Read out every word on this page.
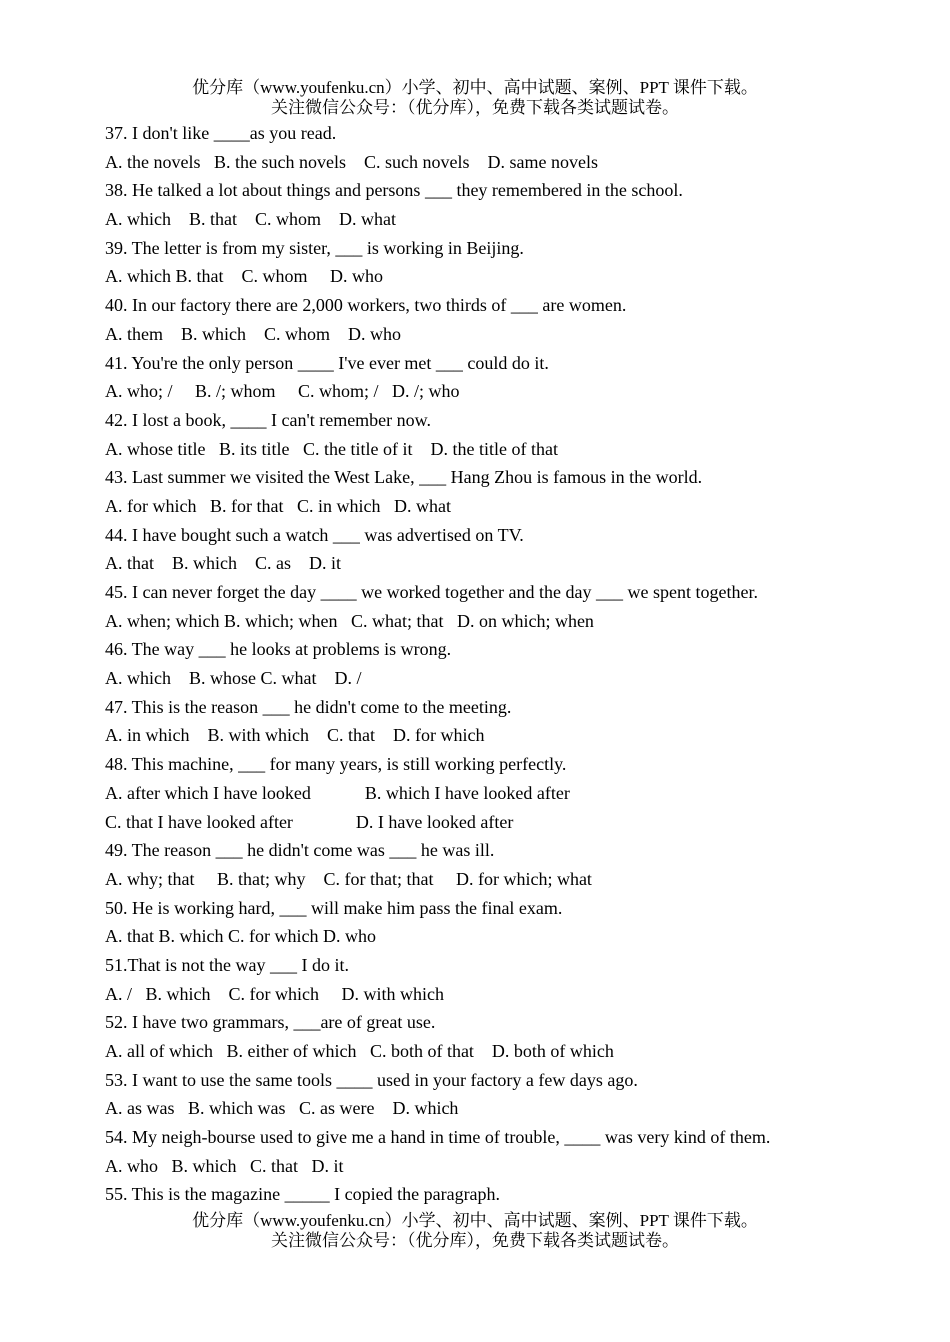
优分库（www.youfenku.cn）小学、初中、高中试题、案例、PPT 课件下载。
关注微信公众号：（优分库），免费下载各类试题试卷。
37. I don't like ____as you read.
A. the novels   B. the such novels    C. such novels    D. same novels
38. He talked a lot about things and persons ___ they remembered in the school.
A. which    B. that    C. whom    D. what
39. The letter is from my sister, ___ is working in Beijing.
A. which B. that    C. whom     D. who
40. In our factory there are 2,000 workers, two thirds of ___ are women.
A. them    B. which    C. whom    D. who
41. You're the only person ____ I've ever met ___ could do it.
A. who; /     B. /; whom     C. whom; /   D. /; who
42. I lost a book, ____ I can't remember now.
A. whose title   B. its title   C. the title of it    D. the title of that
43. Last summer we visited the West Lake, ___ Hang Zhou is famous in the world.
A. for which   B. for that   C. in which   D. what
44. I have bought such a watch ___ was advertised on TV.
A. that    B. which    C. as    D. it
45. I can never forget the day ____ we worked together and the day ___ we spent together.
A. when; which B. which; when   C. what; that   D. on which; when
46. The way ___ he looks at problems is wrong.
A. which    B. whose C. what    D. /
47. This is the reason ___ he didn't come to the meeting.
A. in which    B. with which    C. that    D. for which
48. This machine, ___ for many years, is still working perfectly.
A. after which I have looked            B. which I have looked after
C. that I have looked after              D. I have looked after
49. The reason ___ he didn't come was ___ he was ill.
A. why; that     B. that; why    C. for that; that     D. for which; what
50. He is working hard, ___ will make him pass the final exam.
A. that B. which C. for which D. who
51.That is not the way ___ I do it.
A. /   B. which    C. for which     D. with which
52. I have two grammars, ___are of great use.
A. all of which   B. either of which   C. both of that    D. both of which
53. I want to use the same tools ____ used in your factory a few days ago.
A. as was   B. which was   C. as were    D. which
54. My neigh-bourse used to give me a hand in time of trouble, ____ was very kind of them.
A. who   B. which   C. that   D. it
55. This is the magazine _____ I copied the paragraph.
优分库（www.youfenku.cn）小学、初中、高中试题、案例、PPT 课件下载。
关注微信公众号：（优分库），免费下载各类试题试卷。
